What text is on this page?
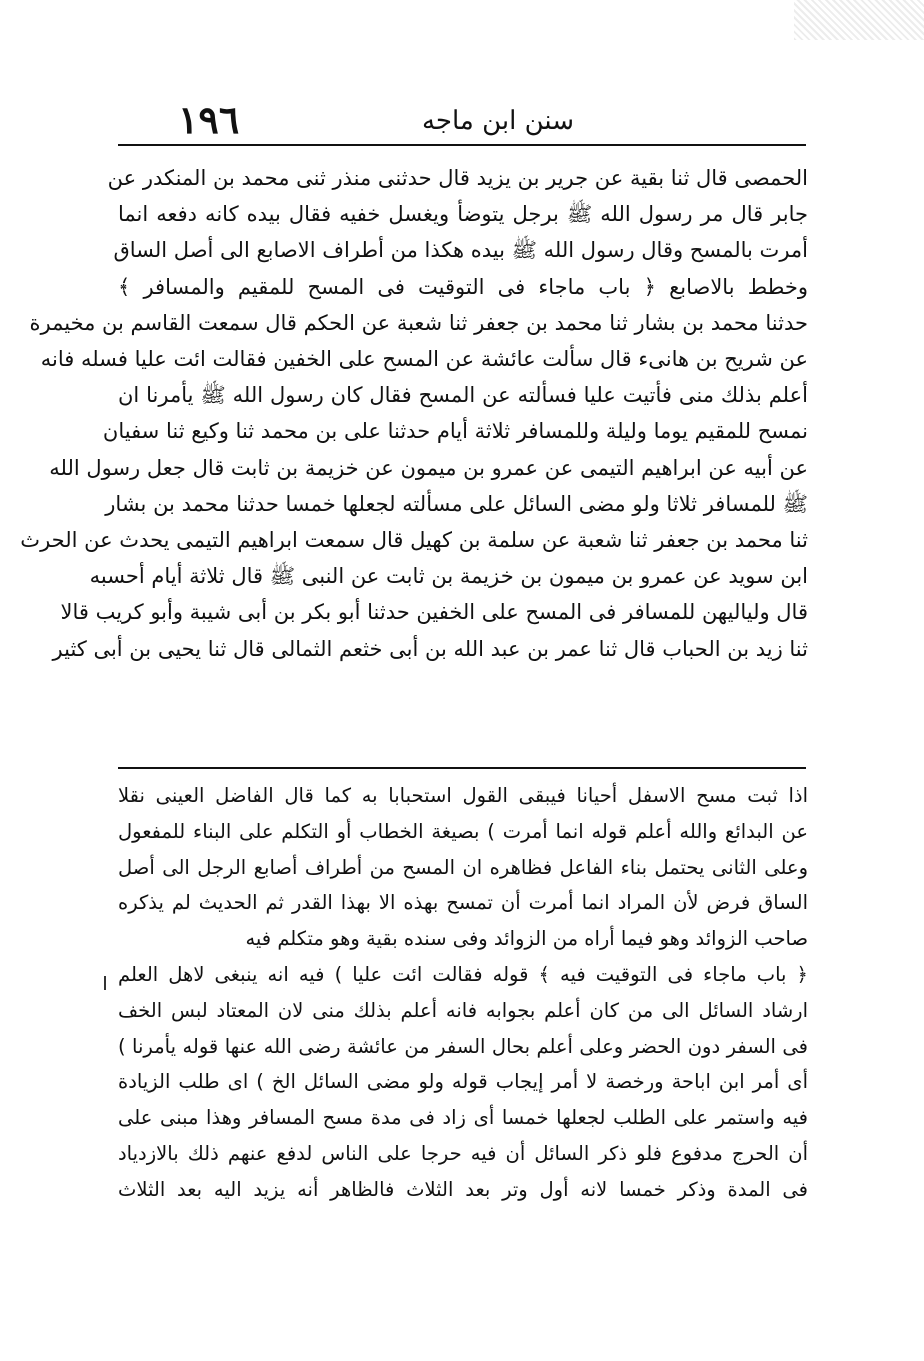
١٩٦	سنن ابن ماجه
الحمصى قال ثنا بقية عن جرير بن يزيد قال حدثنى منذر ثنى محمد بن المنكدر عن
جابر قال مر رسول الله ﷺ برجل يتوضأ ويغسل خفيه فقال بيده كانه دفعه انما
أمرت بالمسح وقال رسول الله ﷺ بيده هكذا من أطراف الاصابع الى أصل الساق
وخطط بالاصابع ﴿ باب ماجاء فى التوقيت فى المسح للمقيم والمسافر ﴾
حدثنا محمد بن بشار ثنا محمد بن جعفر ثنا شعبة عن الحكم قال سمعت القاسم بن مخيمرة
عن شريح بن هانىء قال سألت عائشة عن المسح على الخفين فقالت ائت عليا فسله فانه
أعلم بذلك منى فأتيت عليا فسألته عن المسح فقال كان رسول الله ﷺ يأمرنا ان
نمسح للمقيم يوما وليلة وللمسافر ثلاثة أيام حدثنا على بن محمد ثنا وكيع ثنا سفيان
عن أبيه عن ابراهيم التيمى عن عمرو بن ميمون عن خزيمة بن ثابت قال جعل رسول الله
ﷺ للمسافر ثلاثا ولو مضى السائل على مسألته لجعلها خمسا حدثنا محمد بن بشار
ثنا محمد بن جعفر ثنا شعبة عن سلمة بن كهيل قال سمعت ابراهيم التيمى يحدث عن الحرث
ابن سويد عن عمرو بن ميمون بن خزيمة بن ثابت عن النبى ﷺ قال ثلاثة أيام أحسبه
قال ولياليهن للمسافر فى المسح على الخفين حدثنا أبو بكر بن أبى شيبة وأبو كريب قالا
ثنا زيد بن الحباب قال ثنا عمر بن عبد الله بن أبى خثعم الثمالى قال ثنا يحيى بن أبى كثير
اذا ثبت مسح الاسفل أحيانا فيبقى القول استحبابا به كما قال الفاضل العينى نقلا
عن البدائع والله أعلم قوله انما أمرت ) بصيغة الخطاب أو التكلم على البناء للمفعول
وعلى الثانى يحتمل بناء الفاعل فظاهره ان المسح من أطراف أصابع الرجل الى أصل
الساق فرض لأن المراد انما أمرت أن تمسح بهذه الا بهذا القدر ثم الحديث لم يذكره
صاحب الزوائد وهو فيما أراه من الزوائد وفى سنده بقية وهو متكلم فيه
﴿ باب ماجاء فى التوقيت فيه ﴾ قوله فقالت ائت عليا ) فيه انه ينبغى لاهل العلم
ارشاد السائل الى من كان أعلم بجوابه فانه أعلم بذلك منى لان المعتاد لبس الخف
فى السفر دون الحضر وعلى أعلم بحال السفر من عائشة رضى الله عنها قوله يأمرنا )
أى أمر ابن اباحة ورخصة لا أمر إيجاب قوله ولو مضى السائل الخ ) اى طلب الزيادة
فيه واستمر على الطلب لجعلها خمسا أى زاد فى مدة مسح المسافر وهذا مبنى على
أن الحرج مدفوع فلو ذكر السائل أن فيه حرجا على الناس لدفع عنهم ذلك بالازدياد
فى المدة وذكر خمسا لانه أول وتر بعد الثلاث فالظاهر أنه يزيد اليه بعد الثلاث
